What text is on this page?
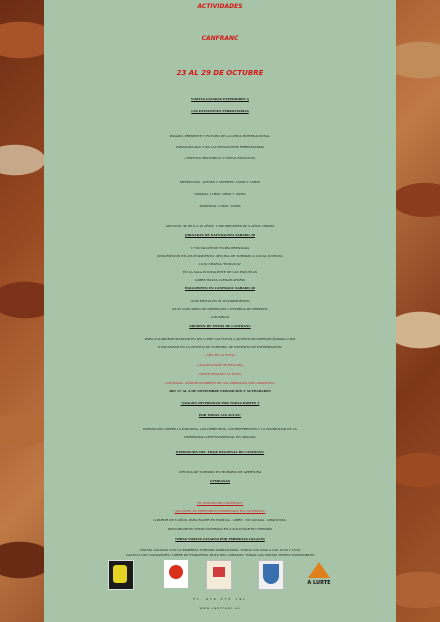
ACTIVIDADES
CANFRANC
23 AL 29 DE OCTUBRE
VISITAS GUIADAS EXTERIORES A
LAS ESTACIONES FERROVIARIAS
PASADO, PRESENTE Y FUTURO DE LA LÍNEA INTERNACIONAL
ZARAGOZA-PAU Y DE LAS ESTACIONES FERROVIARIAS
( EDIFICIO HISTÓRICO Y NUEVA ESTACIÓN)
MIÉRCOLES - JUEVES Y VIERNES: 12H45 Y 16H30
SÁBADO: 11H00 12H45 Y 16H30
DOMINGO: 11H00 -12H45
ADULTOS: 4€ DE 6 A 10 AÑOS: 1.50€ MENORES DE 6 AÑOS: GRATIS
JORNADAS DE NATURALEZA SÁBADO 28
17:00 TALLER DE FLORA PRENSADA
(INSCRIPCIÓN EN AYUNTAMIENTO, OFICINA DE TURISMO O LOCAL JUVENIL)
19:30 CHARLA "BONQUIA"
EN LA SALA POLIVALENTE DE LAS ESCUELAS
(LIBRE HASTA LLENAR AFORO)
HALLOWEEN EN CANFRANC SÁBADO 28
18:00 FIESTA EN EL POLIDEPORTIVO
00.00 CONCURSO DE DISFRACES Y ENTREGA DE PREMIOS
2:00 BINGO
ARCHIVO DE FOTOS DE CANFRANC
PARA COLABORAR MANDAR EN JPG O PDF LAS FOTOS A JUVENTUDCANFRANC@GMAIL.COM
O ESCANEAR EN LA OFICINA DE TURISMO, SE NECESITA DE INFORMACIÓN:
-- AÑO DE LA FOTO--
--LUGAR DONDE SE REALIZA--
--QUIEN REALIZÓ LA FOTO--
--OPCIONAL: AÑADIR NOMBRES DE LAS PERSONAS QUE APARECEN--
DEL 27 AL 4 DE NOVIEMBRE EXPOSICIÓN Y ACTIVIDADES
"ARAGÓN DIVERSIDAD POR TODAS PARTES Y
POR TODAS LAS AULAS"
EXPOSICIÓN SOBRE LA HISTORIA, LOS DERECHOS, LOS REFERENTES Y LA VISIBILIDAD DE LA
DIVERSIDAD AFECTIVOSEXUAL EN ARAGÓN
EXPOSICIÓN DEL TRAJE REGIONAL DE CANFRANC
OFICINA DE TURISMO EN HORARIO DE APERTURA
GYMKANAS
"EL ENIGMA DE CANFRANC"
"JACQUES, EL PEREGRINO DESPISTADO EN CANFRANC"
A PARTIR DE 6 AÑOS, PARA HACER EN FAMILIA · LIBRE · NO GUIADA · GRATUITAS.
DESCARGAR EN WWW.CANFRANC.ES O SOLICITAR EN TURISMO
OTRAS VISITAS GUIADAS POR EMPRESAS LOCALES
VISITAS GUIADAS CON LA EMPRESA TURISMO SAMIANTAMA. TODOS LOS DÍAS A LAS 10:00 Y 16:00
CASTILLO DE CANDANCHÚ, TORRE DE FUSILEROS, RUTA DEL CORAZÓN. TODAS LAS VISITAS TIENEN DISPONIBLES
Tl. 974 373 141
www.canfranc.es
A LURTE
